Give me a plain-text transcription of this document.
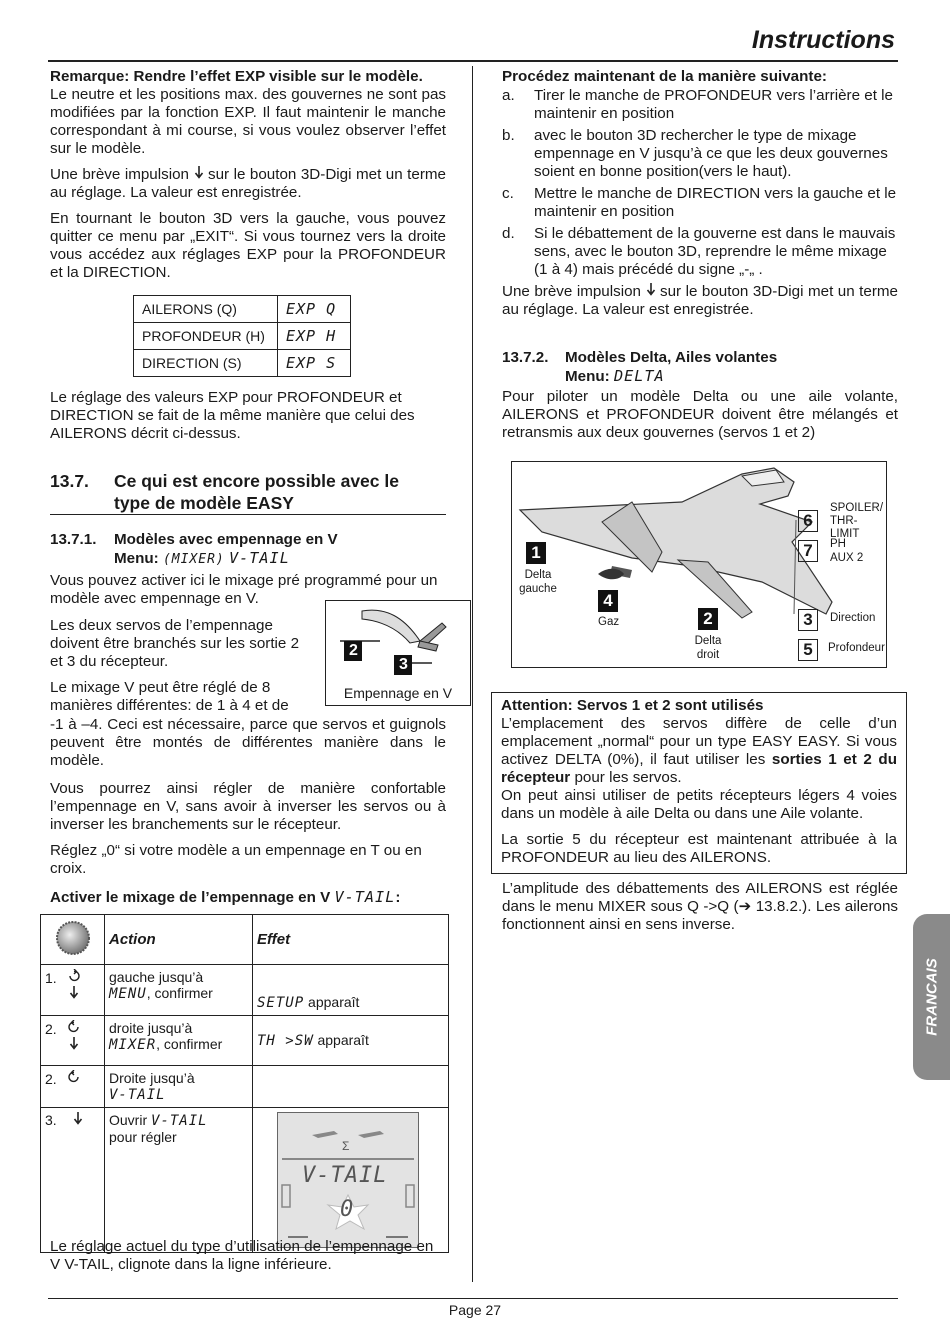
Instructions

Remarque: Rendre l’effet EXP visible sur le modèle.
Le neutre et les positions max. des gouvernes ne sont pas modifiées par la fonction EXP. Il faut maintenir le manche correspondant à mi course, si vous voulez observer l’effet sur le modèle.

Une brève impulsion sur le bouton 3D-Digi met un terme au réglage. La valeur est enregistrée.

En tournant le bouton 3D vers la gauche, vous pouvez quitter ce menu par „EXIT“. Si vous tournez vers la droite vous accédez aux réglages EXP pour la PROFONDEUR et la DIRECTION.

AILERONS (Q)	EXP Q
PROFONDEUR (H)	EXP H
DIRECTION (S)	EXP S

Le réglage des valeurs EXP pour PROFONDEUR et DIRECTION se fait de la même manière que celui des AILERONS décrit ci-dessus.

13.7.	Ce qui est encore possible avec le
type de modèle EASY
13.7.1.	Modèles avec empennage en V
Menu: (MIXER) V-TAIL

Vous pouvez activer ici le mixage pré programmé pour un modèle avec empennage en V.

Les deux servos de l’empennage doivent être branchés sur les sortie 2 et 3 du récepteur.

Le mixage V peut être réglé de 8 manières différentes: de 1 à 4 et de

2
3
Empennage en V

-1 à –4. Ceci est nécessaire, parce que servos et guignols peuvent être montés de différentes manière dans le modèle.

Vous pourrez ainsi régler de manière confortable l’empennage en V, sans avoir à inverser les servos ou à inverser les branchements sur le récepteur.

Réglez „0“ si votre modèle a un empennage en T ou en croix.

Activer le mixage de l’empennage en V V-TAIL:

	Action	Effet
1.	gauche jusqu’à
MENU, confirmer	SETUP apparaît
2.	droite jusqu’à
MIXER, confirmer	TH >SW apparaît
2.	Droite jusqu’à
V-TAIL	
3.	Ouvrir V-TAIL
pour régler	Σ
V-TAIL
0

Le réglage actuel du type d’utilisation de l’empennage en V V-TAIL, clignote dans la ligne inférieure.

Procédez maintenant de la manière suivante:
a.	Tirer le manche de PROFONDEUR vers l’arrière et le maintenir en position
b.	avec le bouton 3D rechercher le type de mixage empennage en V jusqu’à ce que les deux gouvernes soient en bonne position(vers le haut).
c.	Mettre le manche de DIRECTION vers la gauche et le maintenir en position
d.	Si le débattement de la gouverne est dans le mauvais sens, avec le bouton 3D, reprendre le même mixage (1 à 4) mais précédé du signe „-„ .

Une brève impulsion sur le bouton 3D-Digi met un terme au réglage. La valeur est enregistrée.

13.7.2.	Modèles Delta, Ailes volantes
Menu: DELTA

Pour piloter un modèle Delta ou une aile volante, AILERONS et PROFONDEUR doivent être mélangés et retransmis aux deux gouvernes (servos 1 et 2)

6
SPOILER/
THR-LIMIT
7	PH
AUX 2
1
Delta
gauche
4
Gaz	2
Delta
droit
3	Direction
5	Profondeur

Attention: Servos 1 et 2 sont utilisés

L’emplacement des servos diffère de celle d’un emplacement „normal“ pour un type EASY EASY. Si vous activez DELTA (0%), il faut utiliser les sorties 1 et 2 du récepteur pour les servos.

On peut ainsi utiliser de petits récepteurs légers 4 voies dans un modèle à aile Delta ou dans une Aile volante.

La sortie 5 du récepteur est maintenant attribuée à la PROFONDEUR au lieu des AILERONS.

L’amplitude des débattements des AILERONS est réglée dans le menu MIXER sous Q ->Q (➔ 13.8.2.). Les ailerons fonctionnent ainsi en sens inverse.

FRANCAIS
Page 27
